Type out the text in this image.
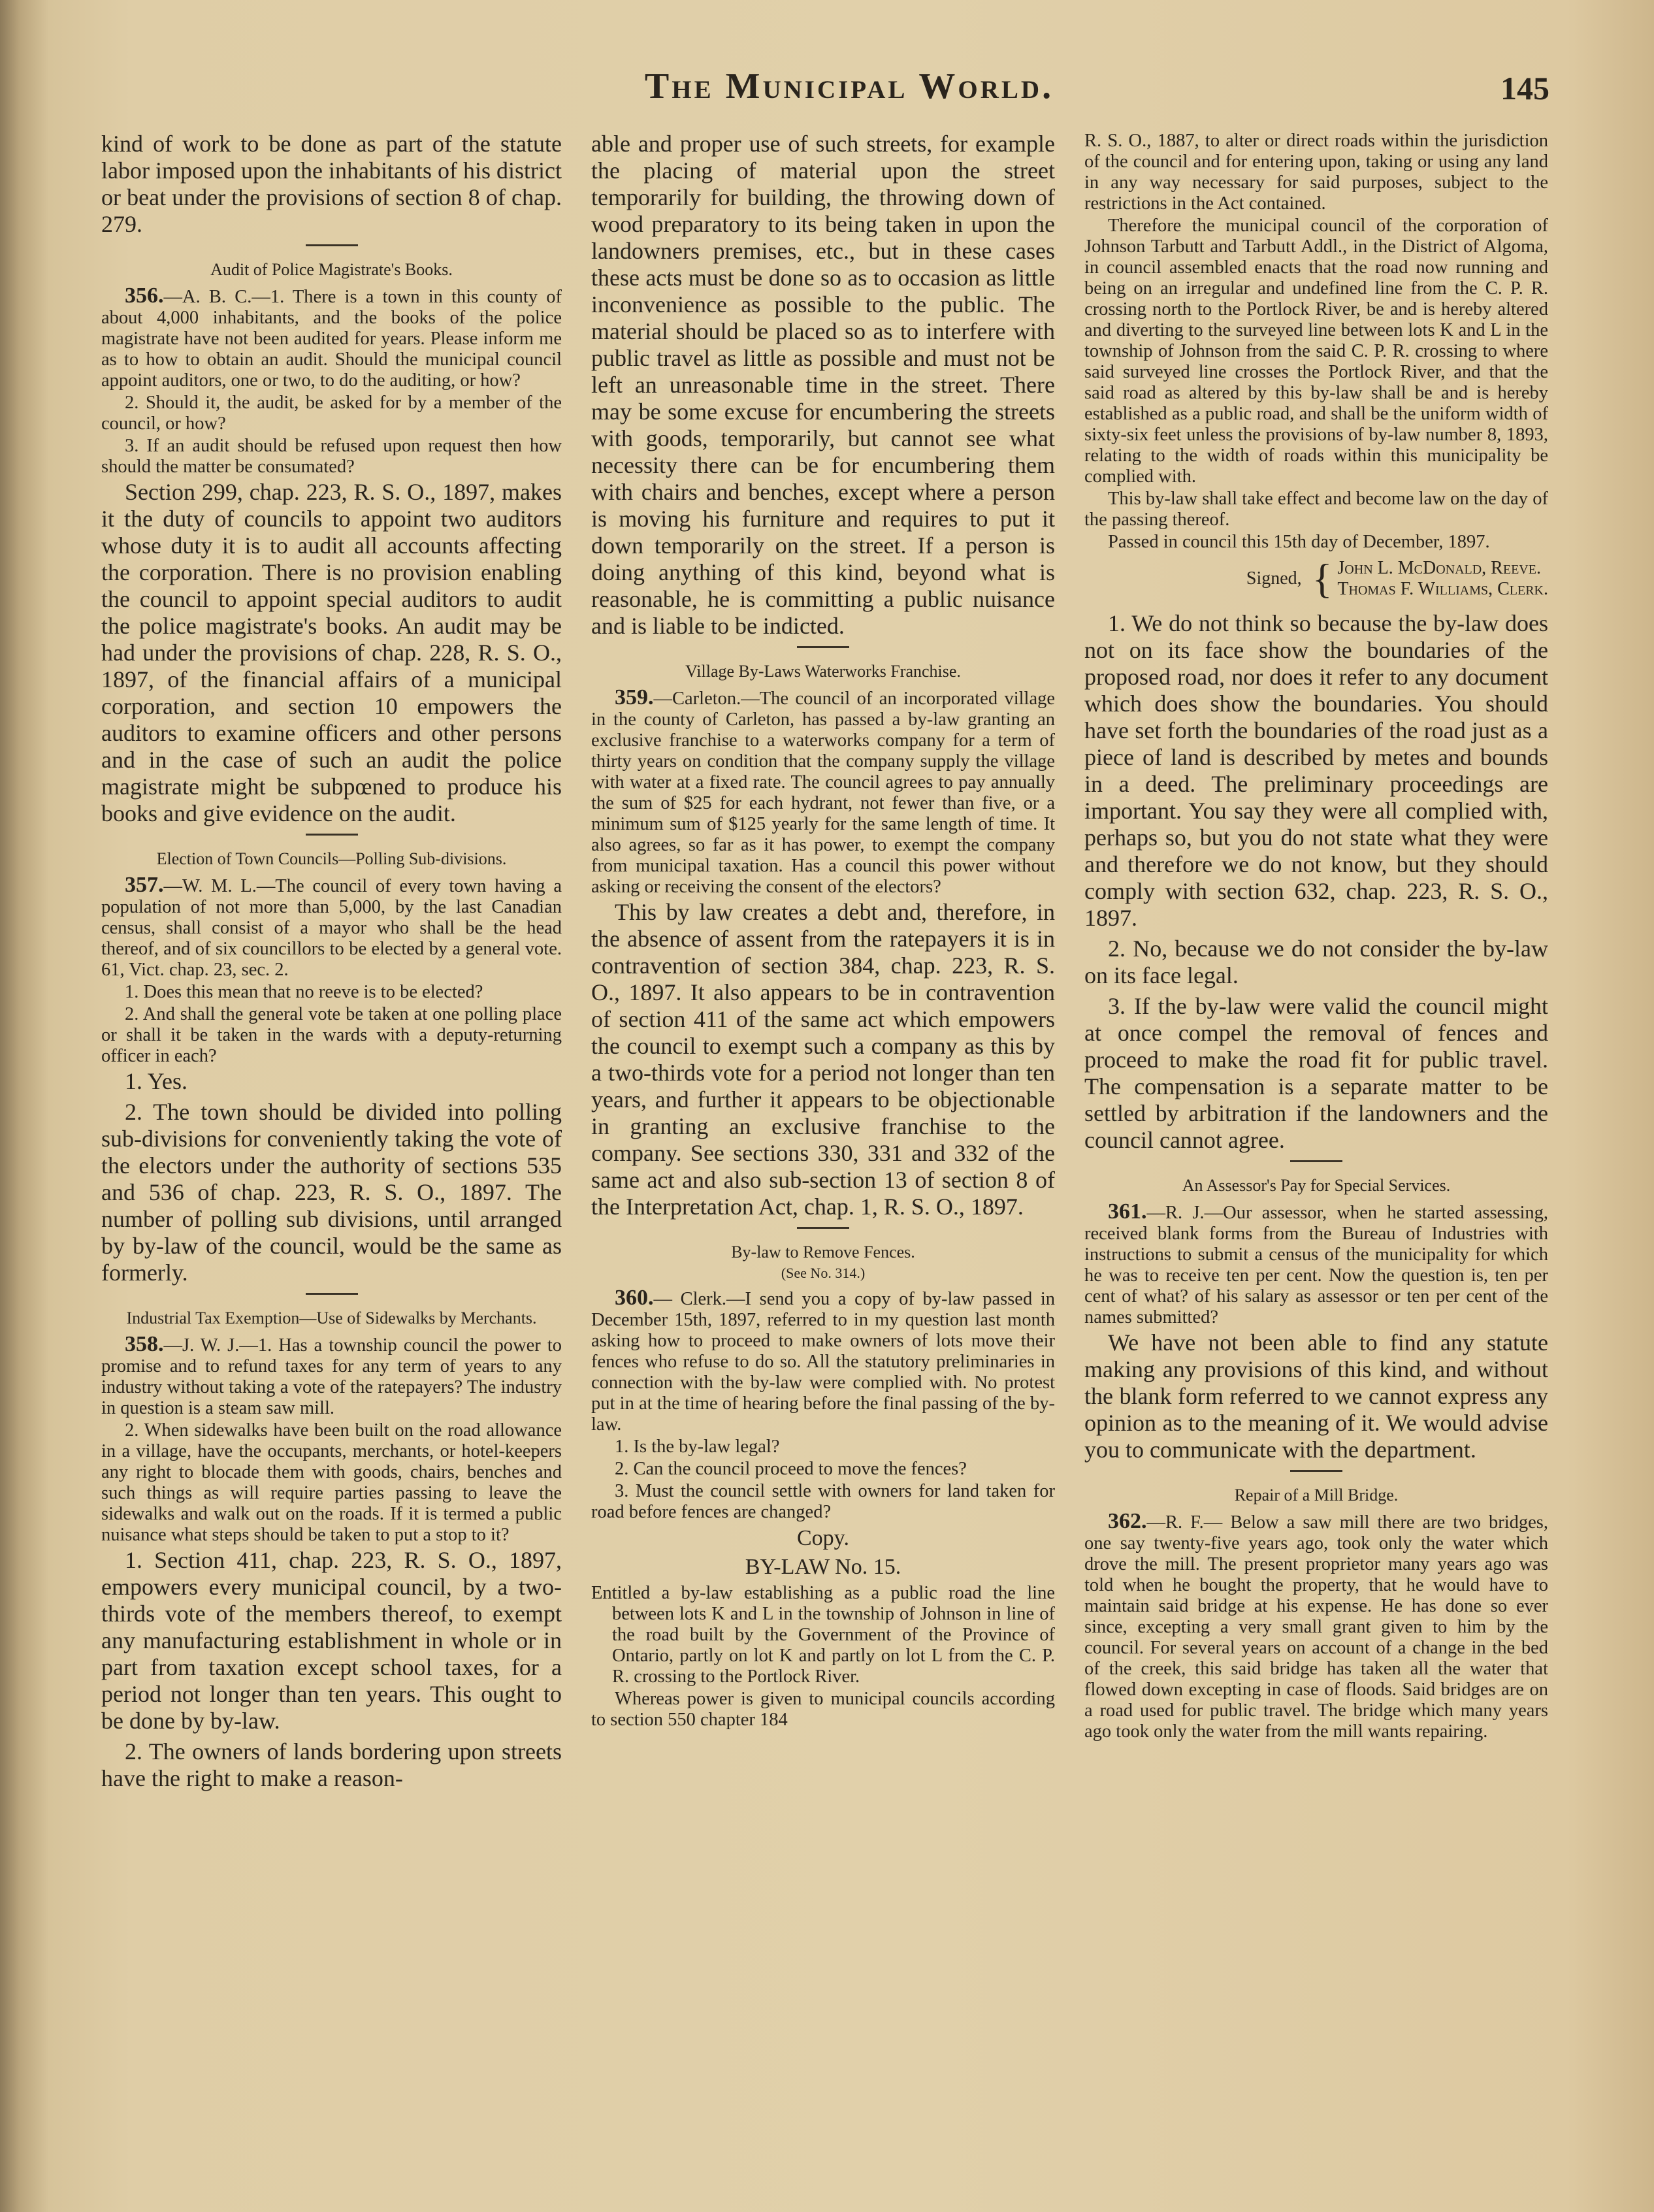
The Municipal World.	145

kind of work to be done as part of the statute labor imposed upon the inhabitants of his district or beat under the provisions of section 8 of chap. 279.

Audit of Police Magistrate's Books.

356.—A. B. C.—1. There is a town in this county of about 4,000 inhabitants, and the books of the police magistrate have not been audited for years. Please inform me as to how to obtain an audit. Should the municipal council appoint auditors, one or two, to do the auditing, or how?

2. Should it, the audit, be asked for by a member of the council, or how?

3. If an audit should be refused upon request then how should the matter be consumated?

Section 299, chap. 223, R. S. O., 1897, makes it the duty of councils to appoint two auditors whose duty it is to audit all accounts affecting the corporation. There is no provision enabling the council to appoint special auditors to audit the police magistrate's books. An audit may be had under the provisions of chap. 228, R. S. O., 1897, of the financial affairs of a municipal corporation, and section 10 empowers the auditors to examine officers and other persons and in the case of such an audit the police magistrate might be subpœned to produce his books and give evidence on the audit.

Election of Town Councils—Polling Sub-divisions.

357.—W. M. L.—The council of every town having a population of not more than 5,000, by the last Canadian census, shall consist of a mayor who shall be the head thereof, and of six councillors to be elected by a general vote. 61, Vict. chap. 23, sec. 2.

1. Does this mean that no reeve is to be elected?

2. And shall the general vote be taken at one polling place or shall it be taken in the wards with a deputy-returning officer in each?

1. Yes.

2. The town should be divided into polling sub-divisions for conveniently taking the vote of the electors under the authority of sections 535 and 536 of chap. 223, R. S. O., 1897. The number of polling sub divisions, until arranged by by-law of the council, would be the same as formerly.

Industrial Tax Exemption—Use of Sidewalks by Merchants.

358.—J. W. J.—1. Has a township council the power to promise and to refund taxes for any term of years to any industry without taking a vote of the ratepayers? The industry in question is a steam saw mill.

2. When sidewalks have been built on the road allowance in a village, have the occupants, merchants, or hotel-keepers any right to blocade them with goods, chairs, benches and such things as will require parties passing to leave the sidewalks and walk out on the roads. If it is termed a public nuisance what steps should be taken to put a stop to it?

1. Section 411, chap. 223, R. S. O., 1897, empowers every municipal council, by a two-thirds vote of the members thereof, to exempt any manufacturing establishment in whole or in part from taxation except school taxes, for a period not longer than ten years. This ought to be done by by-law.

2. The owners of lands bordering upon streets have the right to make a reason-

able and proper use of such streets, for example the placing of material upon the street temporarily for building, the throwing down of wood preparatory to its being taken in upon the landowners premises, etc., but in these cases these acts must be done so as to occasion as little inconvenience as possible to the public. The material should be placed so as to interfere with public travel as little as possible and must not be left an unreasonable time in the street. There may be some excuse for encumbering the streets with goods, temporarily, but cannot see what necessity there can be for encumbering them with chairs and benches, except where a person is moving his furniture and requires to put it down temporarily on the street. If a person is doing anything of this kind, beyond what is reasonable, he is committing a public nuisance and is liable to be indicted.

Village By-Laws Waterworks Franchise.

359.—Carleton.—The council of an incorporated village in the county of Carleton, has passed a by-law granting an exclusive franchise to a waterworks company for a term of thirty years on condition that the company supply the village with water at a fixed rate. The council agrees to pay annually the sum of $25 for each hydrant, not fewer than five, or a minimum sum of $125 yearly for the same length of time. It also agrees, so far as it has power, to exempt the company from municipal taxation. Has a council this power without asking or receiving the consent of the electors?

This by law creates a debt and, therefore, in the absence of assent from the ratepayers it is in contravention of section 384, chap. 223, R. S. O., 1897. It also appears to be in contravention of section 411 of the same act which empowers the council to exempt such a company as this by a two-thirds vote for a period not longer than ten years, and further it appears to be objectionable in granting an exclusive franchise to the company. See sections 330, 331 and 332 of the same act and also sub-section 13 of section 8 of the Interpretation Act, chap. 1, R. S. O., 1897.

By-law to Remove Fences.
(See No. 314.)

360.— Clerk.—I send you a copy of by-law passed in December 15th, 1897, referred to in my question last month asking how to proceed to make owners of lots move their fences who refuse to do so. All the statutory preliminaries in connection with the by-law were complied with. No protest put in at the time of hearing before the final passing of the by-law.

1. Is the by-law legal?

2. Can the council proceed to move the fences?

3. Must the council settle with owners for land taken for road before fences are changed?

Copy.
BY-LAW No. 15.

Entitled a by-law establishing as a public road the line between lots K and L in the township of Johnson in line of the road built by the Government of the Province of Ontario, partly on lot K and partly on lot L from the C. P. R. crossing to the Portlock River.

Whereas power is given to municipal councils according to section 550 chapter 184

R. S. O., 1887, to alter or direct roads within the jurisdiction of the council and for entering upon, taking or using any land in any way necessary for said purposes, subject to the restrictions in the Act contained.

Therefore the municipal council of the corporation of Johnson Tarbutt and Tarbutt Addl., in the District of Algoma, in council assembled enacts that the road now running and being on an irregular and undefined line from the C. P. R. crossing north to the Portlock River, be and is hereby altered and diverting to the surveyed line between lots K and L in the township of Johnson from the said C. P. R. crossing to where said surveyed line crosses the Portlock River, and that the said road as altered by this by-law shall be and is hereby established as a public road, and shall be the uniform width of sixty-six feet unless the provisions of by-law number 8, 1893, relating to the width of roads within this municipality be complied with.

This by-law shall take effect and become law on the day of the passing thereof.

Passed in council this 15th day of December, 1897.

Signed, { John L. McDonald, Reeve.
Thomas F. Williams, Clerk.

1. We do not think so because the by-law does not on its face show the boundaries of the proposed road, nor does it refer to any document which does show the boundaries. You should have set forth the boundaries of the road just as a piece of land is described by metes and bounds in a deed. The preliminary proceedings are important. You say they were all complied with, perhaps so, but you do not state what they were and therefore we do not know, but they should comply with section 632, chap. 223, R. S. O., 1897.

2. No, because we do not consider the by-law on its face legal.

3. If the by-law were valid the council might at once compel the removal of fences and proceed to make the road fit for public travel. The compensation is a separate matter to be settled by arbitration if the landowners and the council cannot agree.

An Assessor's Pay for Special Services.

361.—R. J.—Our assessor, when he started assessing, received blank forms from the Bureau of Industries with instructions to submit a census of the municipality for which he was to receive ten per cent. Now the question is, ten per cent of what? of his salary as assessor or ten per cent of the names submitted?

We have not been able to find any statute making any provisions of this kind, and without the blank form referred to we cannot express any opinion as to the meaning of it. We would advise you to communicate with the department.

Repair of a Mill Bridge.

362.—R. F.— Below a saw mill there are two bridges, one say twenty-five years ago, took only the water which drove the mill. The present proprietor many years ago was told when he bought the property, that he would have to maintain said bridge at his expense. He has done so ever since, excepting a very small grant given to him by the council. For several years on account of a change in the bed of the creek, this said bridge has taken all the water that flowed down excepting in case of floods. Said bridges are on a road used for public travel. The bridge which many years ago took only the water from the mill wants repairing.
